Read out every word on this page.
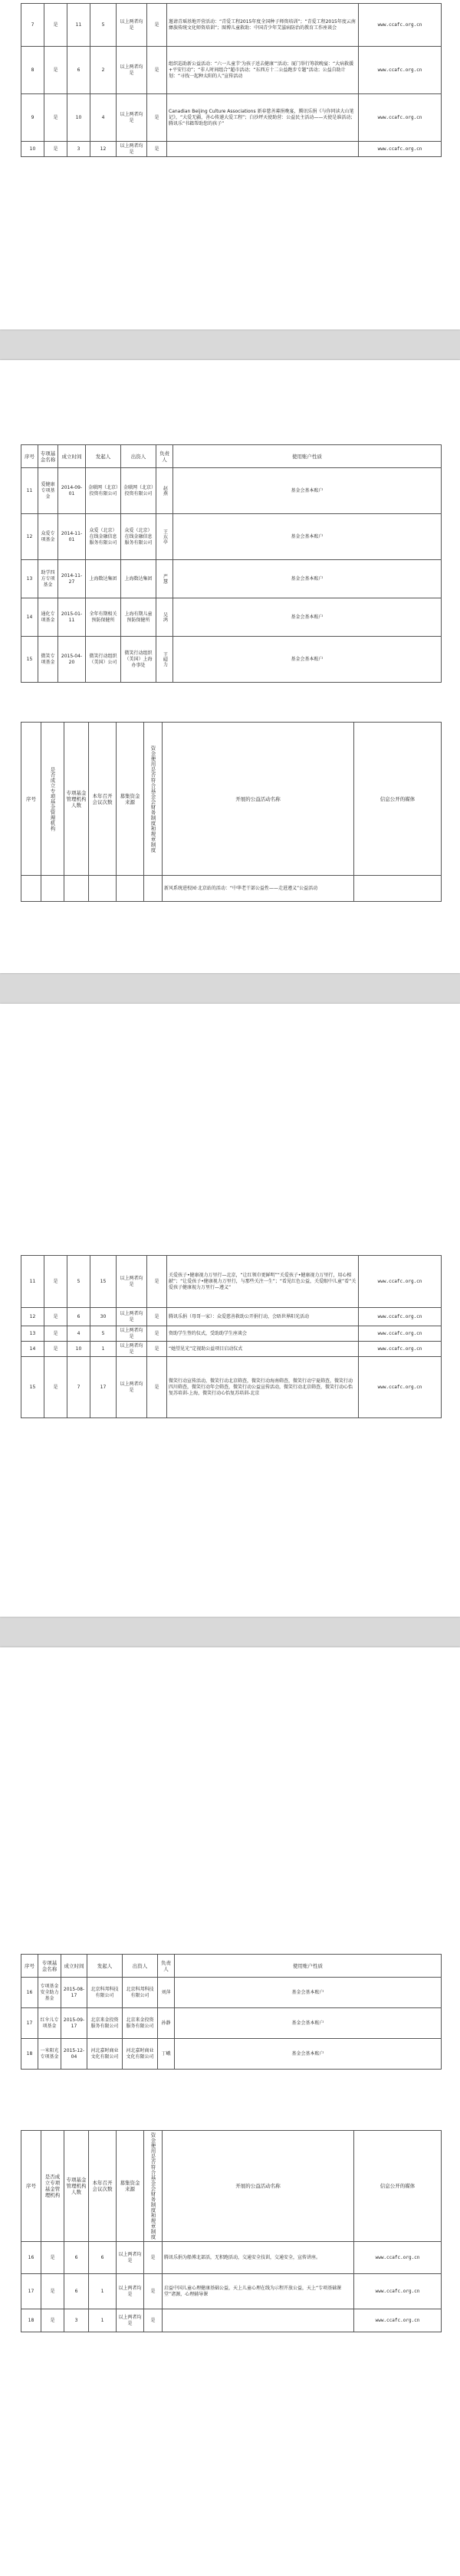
7	是	11	5	以上两者均是	是	邀请青瑶基地开营活动：“青爱工程2015年度全国种子师资培训”；“青爱工程2015年度云南彝族传统文化师资培训”；图博儿童救助：中国青少年艾滋病防治的教育工作座谈会	www.ccafc.org.cn
8	是	6	2	以上两者均是	是	组织巡助新公益活动：“六一儿童节‘为孩子送去健康’”活动；厦门举行筹款晚宴：“大病救援+平安行动”；“非人时间组合”超市活动；“东西方十二公益跑步专题”活动；公益自助计划：“寻找一起种太阳的人”宣传活动	www.ccafc.org.cn
9	是	10	4	以上两者均是	是	Canadian Beijing Culture Associations 新春慈善募捐晚宴，腾讯乐捐《与你同读大山笔记》，“大爱无疆，善心传递大爱工程”；白沙坪天使助营：公益民主活动——天使是谁活动；腾讯乐“书籍帮助您的孩子”	www.ccafc.org.cn
10	是	3	12	以上两者均是	是		www.ccafc.org.cn
序号	专项基金名称	成立时间	发起人	出资人	负责人	使用账户性质
11	爱健康专项基金	2014-09-01	金联网（北京）投资有限公司	金联网（北京）投资有限公司	赵燕	基金会基本账户
12	众爱专项基金	2014-11-01	众爱（北京）在线金融信息服务有限公司	众爱（北京）在线金融信息服务有限公司	王东亭	基金会基本账户
13	助学四方专项基金	2014-11-27	上海数达集团	上海数达集团	严慧	基金会基本账户
14	通化专项基金	2015-01-11	全年有期相关预防保健所	上海有期儿童预防保健所	吴鸿	基金会基本账户
15	微笑专项基金	2015-04-20	微笑行动组织（美国）公司	微笑行动组织（美国）上海办事处	王晴力	基金会基本账户
序号	是否成立专项基金管理机构	专项基金管理机构人数	本年召开会议次数	募集资金来源	资金使用是否符合基金会财务制度和规章制度	开展的公益活动名称	信息公开的媒体
						新风系统进校园·北京站的活动：“中华老干部公益性——走进遵义”公益活动	
11	是	5	15	以上两者均是	是	关爱孩子•健康视力万里行—北京，“让红领巾更鲜明”“关爱孩子•健康视力万里行，用心相献”；“让爱孩子•健康视力万里行，与那些关注一生”；“看见红色公益，关爱眼中儿童”看“关爱孩子健康视力万里行—遵义”	www.ccafc.org.cn
12	是	6	30	以上两者均是	是	腾讯乐捐（母哥一家）：众爱慈善救助公开捐行动，会晤世界阳光活动	www.ccafc.org.cn
13	是	4	5	以上两者均是	是	资助学生签约仪式，受助助学生座谈会	www.ccafc.org.cn
14	是	10	1	以上两者均是	是	“她望见光”定视助公益项目启动仪式	www.ccafc.org.cn
15	是	7	17	以上两者均是	是	微笑行动宣传活动，微笑行动北京筛查，微笑行动海南筛查，微笑行动宁夏筛查，微笑行动四川筛查，微笑行动年会筛查，微笑行动公益宣传活动，微笑行动北京筛查，微笑行动心怡复苏培训-上海，微笑行动心怡复苏培训-北京	www.ccafc.org.cn
序号	专项基金名称	成立时间	发起人	出资人	负责人	使用账户性质
16	专项基金安全助力基金	2015-08-17	北京科邦科技有限公司	北京科邦科技有限公司	刘萍	基金会基本账户
17	红伞儿专项基金	2015-09-17	北京来金投资服务有限公司	北京来金投资服务有限公司	孙静	基金会基本账户
18	一米阳光专项基金	2015-12-04	河北嘉时商业文化有限公司	河北嘉时商业文化有限公司	丁峨	基金会基本账户
序号	是否成立专项基金管理机构	专项基金管理机构人数	本年召开会议次数	募集资金来源	资金使用是否符合基金会财务制度和规章制度	开展的公益活动名称	信息公开的媒体
16	是	6	6	以上两者均是	是	腾讯乐捐为船博北部活，无积跑活动，交通安全技训，交通安全，宣传讲座。	www.ccafc.org.cn
17	是	6	1	以上两者均是	是	启益中国儿童心理健康基础公益，天上儿童心理在线为示程开放公益，天上“专项基础课堂”诸源，心理辅导课	www.ccafc.org.cn
18	是	3	1	以上两者均是	是		www.ccafc.org.cn
